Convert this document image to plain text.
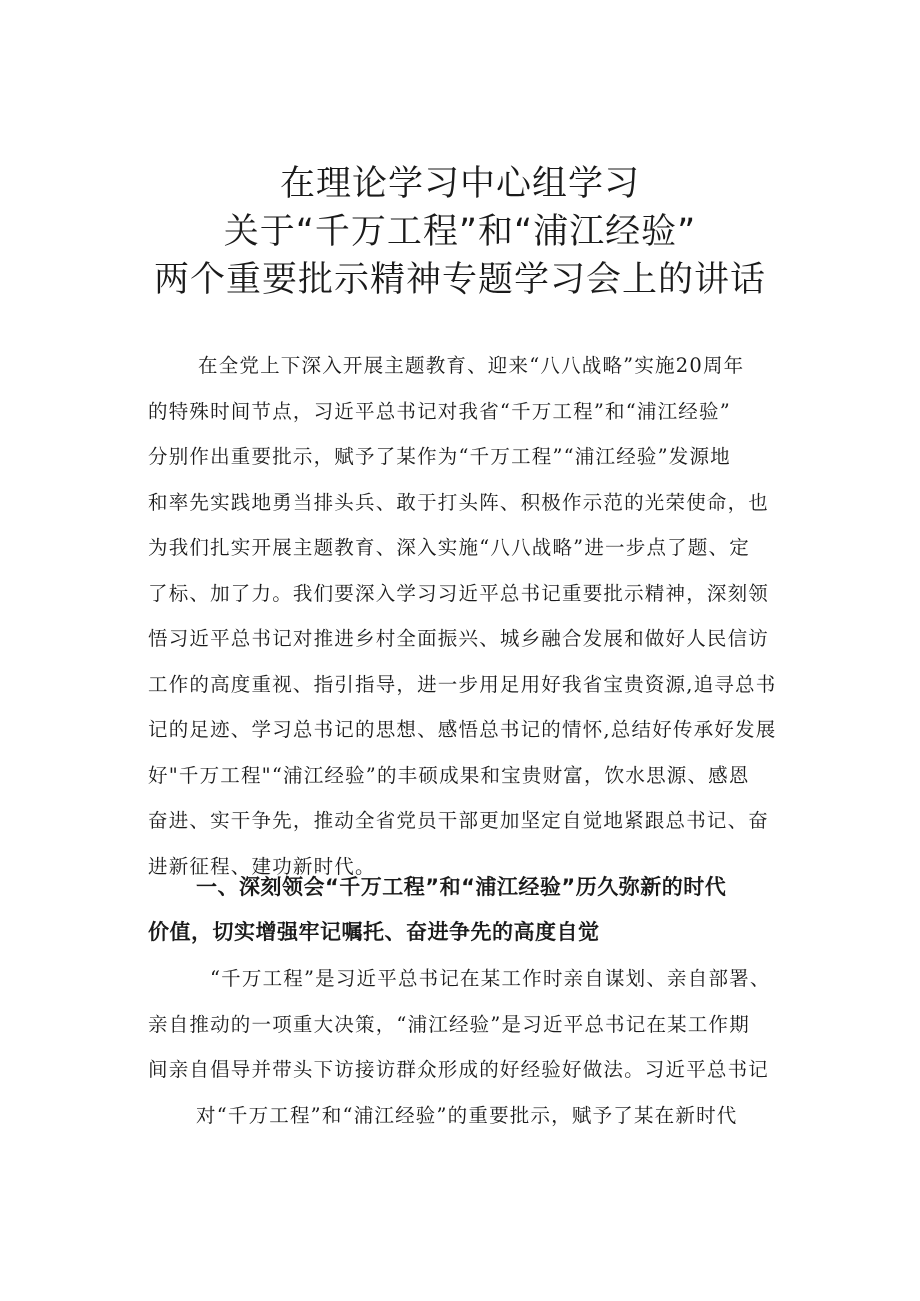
在理论学习中心组学习
关于“千万工程”和“浦江经验”
两个重要批示精神专题学习会上的讲话
在全党上下深入开展主题教育、迎来“八八战略”实施20周年
的特殊时间节点，习近平总书记对我省“千万工程”和“浦江经验”
分别作出重要批示，赋予了某作为“千万工程”“浦江经验”发源地
和率先实践地勇当排头兵、敢于打头阵、积极作示范的光荣使命，也
为我们扎实开展主题教育、深入实施“八八战略”进一步点了题、定
了标、加了力。我们要深入学习习近平总书记重要批示精神，深刻领
悟习近平总书记对推进乡村全面振兴、城乡融合发展和做好人民信访
工作的高度重视、指引指导，进一步用足用好我省宝贵资源,追寻总书
记的足迹、学习总书记的思想、感悟总书记的情怀,总结好传承好发展
好"千万工程"“浦江经验”的丰硕成果和宝贵财富，饮水思源、感恩
奋进、实干争先，推动全省党员干部更加坚定自觉地紧跟总书记、奋
进新征程、建功新时代。
一、深刻领会“千万工程”和“浦江经验”历久弥新的时代
价值，切实增强牢记嘱托、奋进争先的高度自觉
“千万工程”是习近平总书记在某工作时亲自谋划、亲自部署、
亲自推动的一项重大决策，“浦江经验”是习近平总书记在某工作期
间亲自倡导并带头下访接访群众形成的好经验好做法。习近平总书记
对“千万工程”和“浦江经验”的重要批示，赋予了某在新时代
